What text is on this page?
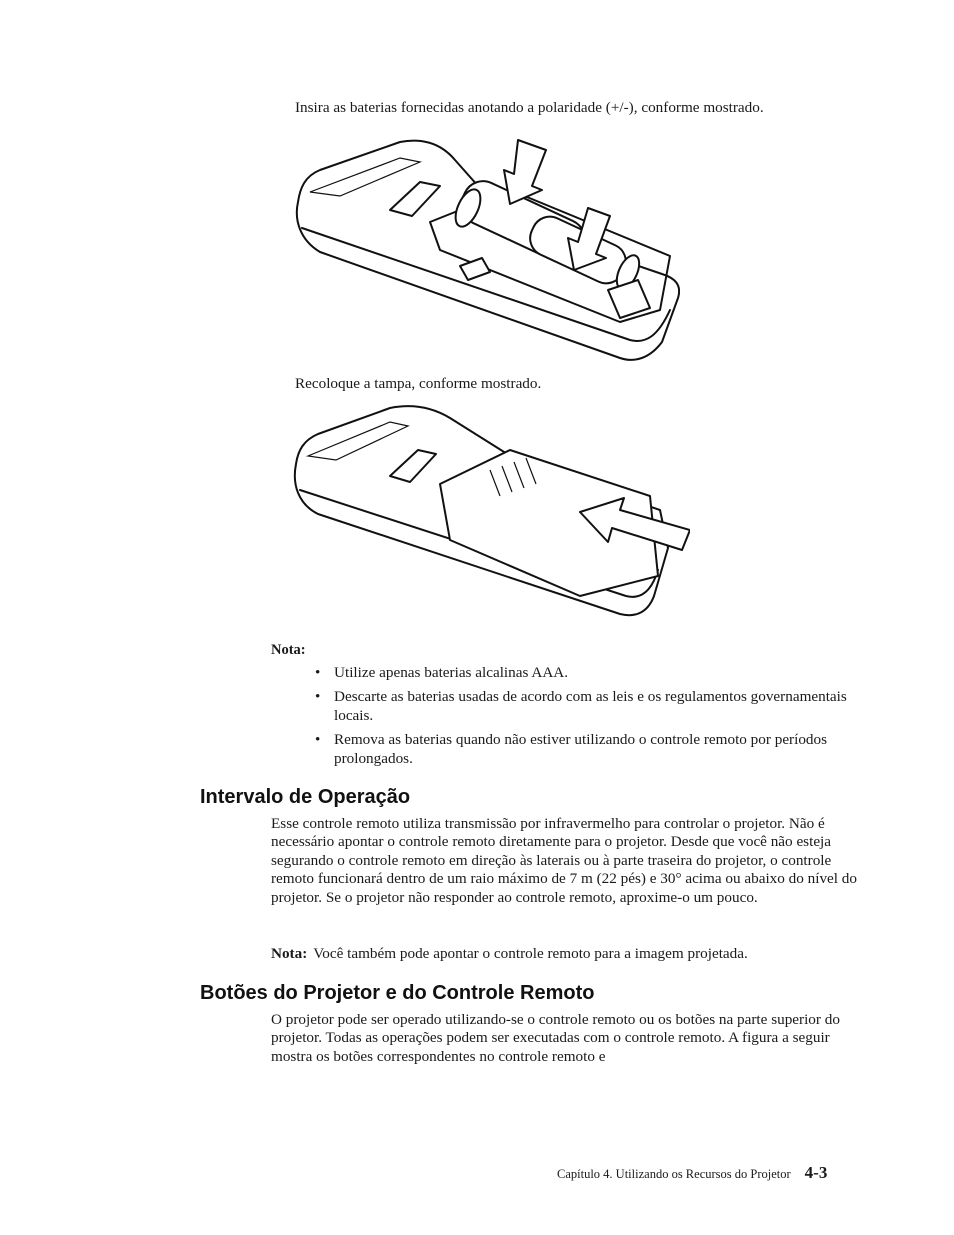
Insira as baterias fornecidas anotando a polaridade (+/-), conforme mostrado.

Recoloque a tampa, conforme mostrado.

Nota:
• Utilize apenas baterias alcalinas AAA.
• Descarte as baterias usadas de acordo com as leis e os regulamentos governamentais locais.
• Remova as baterias quando não estiver utilizando o controle remoto por períodos prolongados.
Intervalo de Operação

Esse controle remoto utiliza transmissão por infravermelho para controlar o projetor. Não é necessário apontar o controle remoto diretamente para o projetor. Desde que você não esteja segurando o controle remoto em direção às laterais ou à parte traseira do projetor, o controle remoto funcionará dentro de um raio máximo de 7 m (22 pés) e 30° acima ou abaixo do nível do projetor. Se o projetor não responder ao controle remoto, aproxime-o um pouco.

Nota: Você também pode apontar o controle remoto para a imagem projetada.

Botões do Projetor e do Controle Remoto

O projetor pode ser operado utilizando-se o controle remoto ou os botões na parte superior do projetor. Todas as operações podem ser executadas com o controle remoto. A figura a seguir mostra os botões correspondentes no controle remoto e

Capítulo 4. Utilizando os Recursos do Projetor 4-3
